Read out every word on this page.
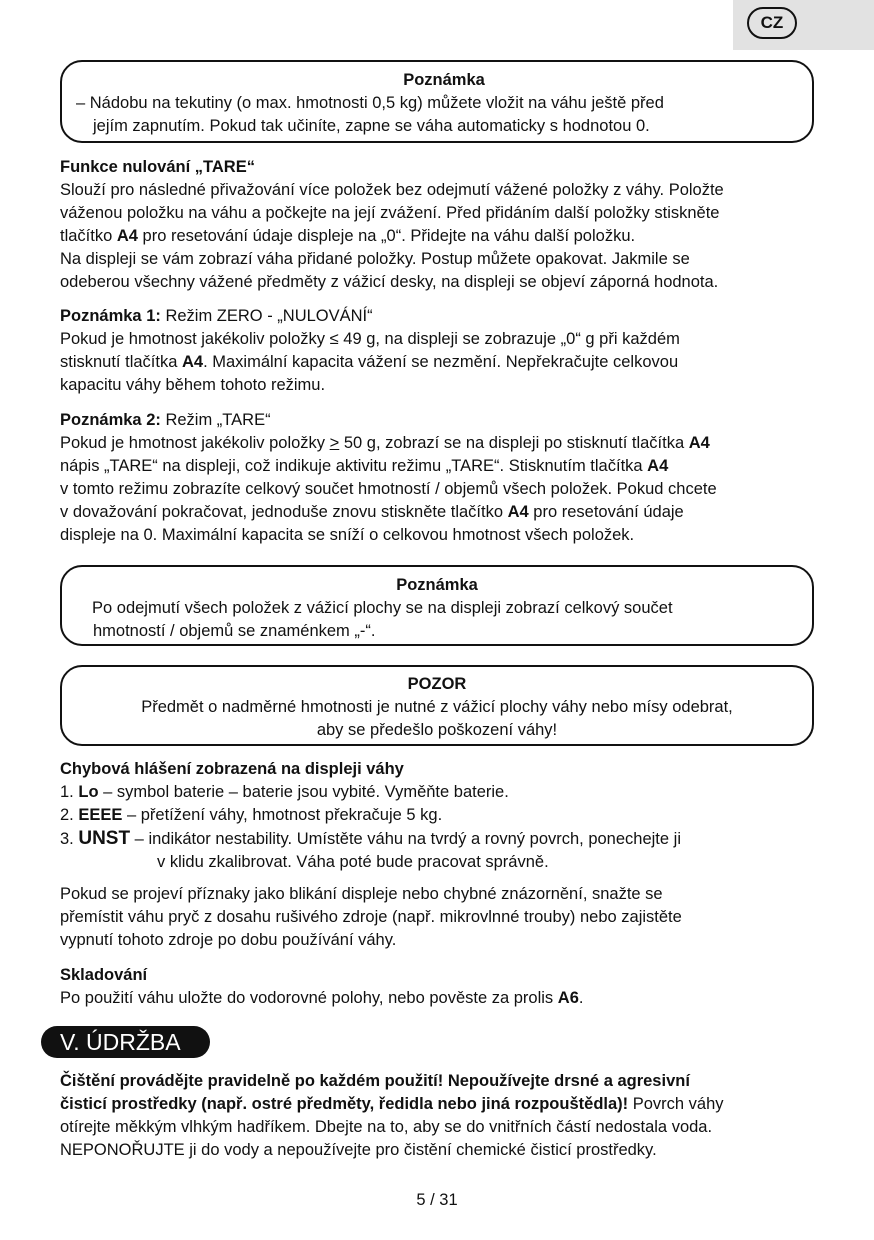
CZ
Poznámka
– Nádobu na tekutiny (o max. hmotnosti 0,5 kg) můžete vložit na váhu ještě před
jejím zapnutím. Pokud tak učiníte, zapne se váha automaticky s hodnotou 0.
Funkce nulování „TARE“
Slouží pro následné přivažování více položek bez odejmutí vážené položky z váhy. Položte
váženou položku na váhu a počkejte na její zvážení. Před přidáním další položky stiskněte
tlačítko A4 pro resetování údaje displeje na „0“. Přidejte na váhu další položku.
Na displeji se vám zobrazí váha přidané položky. Postup můžete opakovat. Jakmile se
odeberou všechny vážené předměty z vážicí desky, na displeji se objeví záporná hodnota.
Poznámka 1: Režim ZERO - „NULOVÁNÍ“
Pokud je hmotnost jakékoliv položky ≤ 49 g, na displeji se zobrazuje „0“ g při každém
stisknutí tlačítka A4. Maximální kapacita vážení se nezmění. Nepřekračujte celkovou
kapacitu váhy během tohoto režimu.
Poznámka 2: Režim „TARE“
Pokud je hmotnost jakékoliv položky > 50 g, zobrazí se na displeji po stisknutí tlačítka A4
nápis „TARE“ na displeji, což indikuje aktivitu režimu „TARE“. Stisknutím tlačítka A4
v tomto režimu zobrazíte celkový součet hmotností / objemů všech položek. Pokud chcete
v dovažování pokračovat, jednoduše znovu stiskněte tlačítko A4 pro resetování údaje
displeje na 0. Maximální kapacita se sníží o celkovou hmotnost všech položek.
Poznámka
Po odejmutí všech položek z vážicí plochy se na displeji zobrazí celkový součet
hmotností / objemů se znaménkem „-“.
POZOR
Předmět o nadměrné hmotnosti je nutné z vážicí plochy váhy nebo mísy odebrat,
aby se předešlo poškození váhy!
Chybová hlášení zobrazená na displeji váhy
1. Lo – symbol baterie – baterie jsou vybité. Vyměňte baterie.
2. EEEE – přetížení váhy, hmotnost překračuje 5 kg.
3. UNST – indikátor nestability. Umístěte váhu na tvrdý a rovný povrch, ponechejte ji
v klidu zkalibrovat. Váha poté bude pracovat správně.
Pokud se projeví příznaky jako blikání displeje nebo chybné znázornění, snažte se
přemístit váhu pryč z dosahu rušivého zdroje (např. mikrovlnné trouby) nebo zajistěte
vypnutí tohoto zdroje po dobu používání váhy.
Skladování
Po použití váhu uložte do vodorovné polohy, nebo pověste za prolis A6.
V. ÚDRŽBA
Čištění provádějte pravidelně po každém použití! Nepoužívejte drsné a agresivní
čisticí prostředky (např. ostré předměty, ředidla nebo jiná rozpouštědla)! Povrch váhy
otírejte měkkým vlhkým hadříkem. Dbejte na to, aby se do vnitřních částí nedostala voda.
NEPONOŘUJTE ji do vody a nepoužívejte pro čistění chemické čisticí prostředky.
5 / 31
